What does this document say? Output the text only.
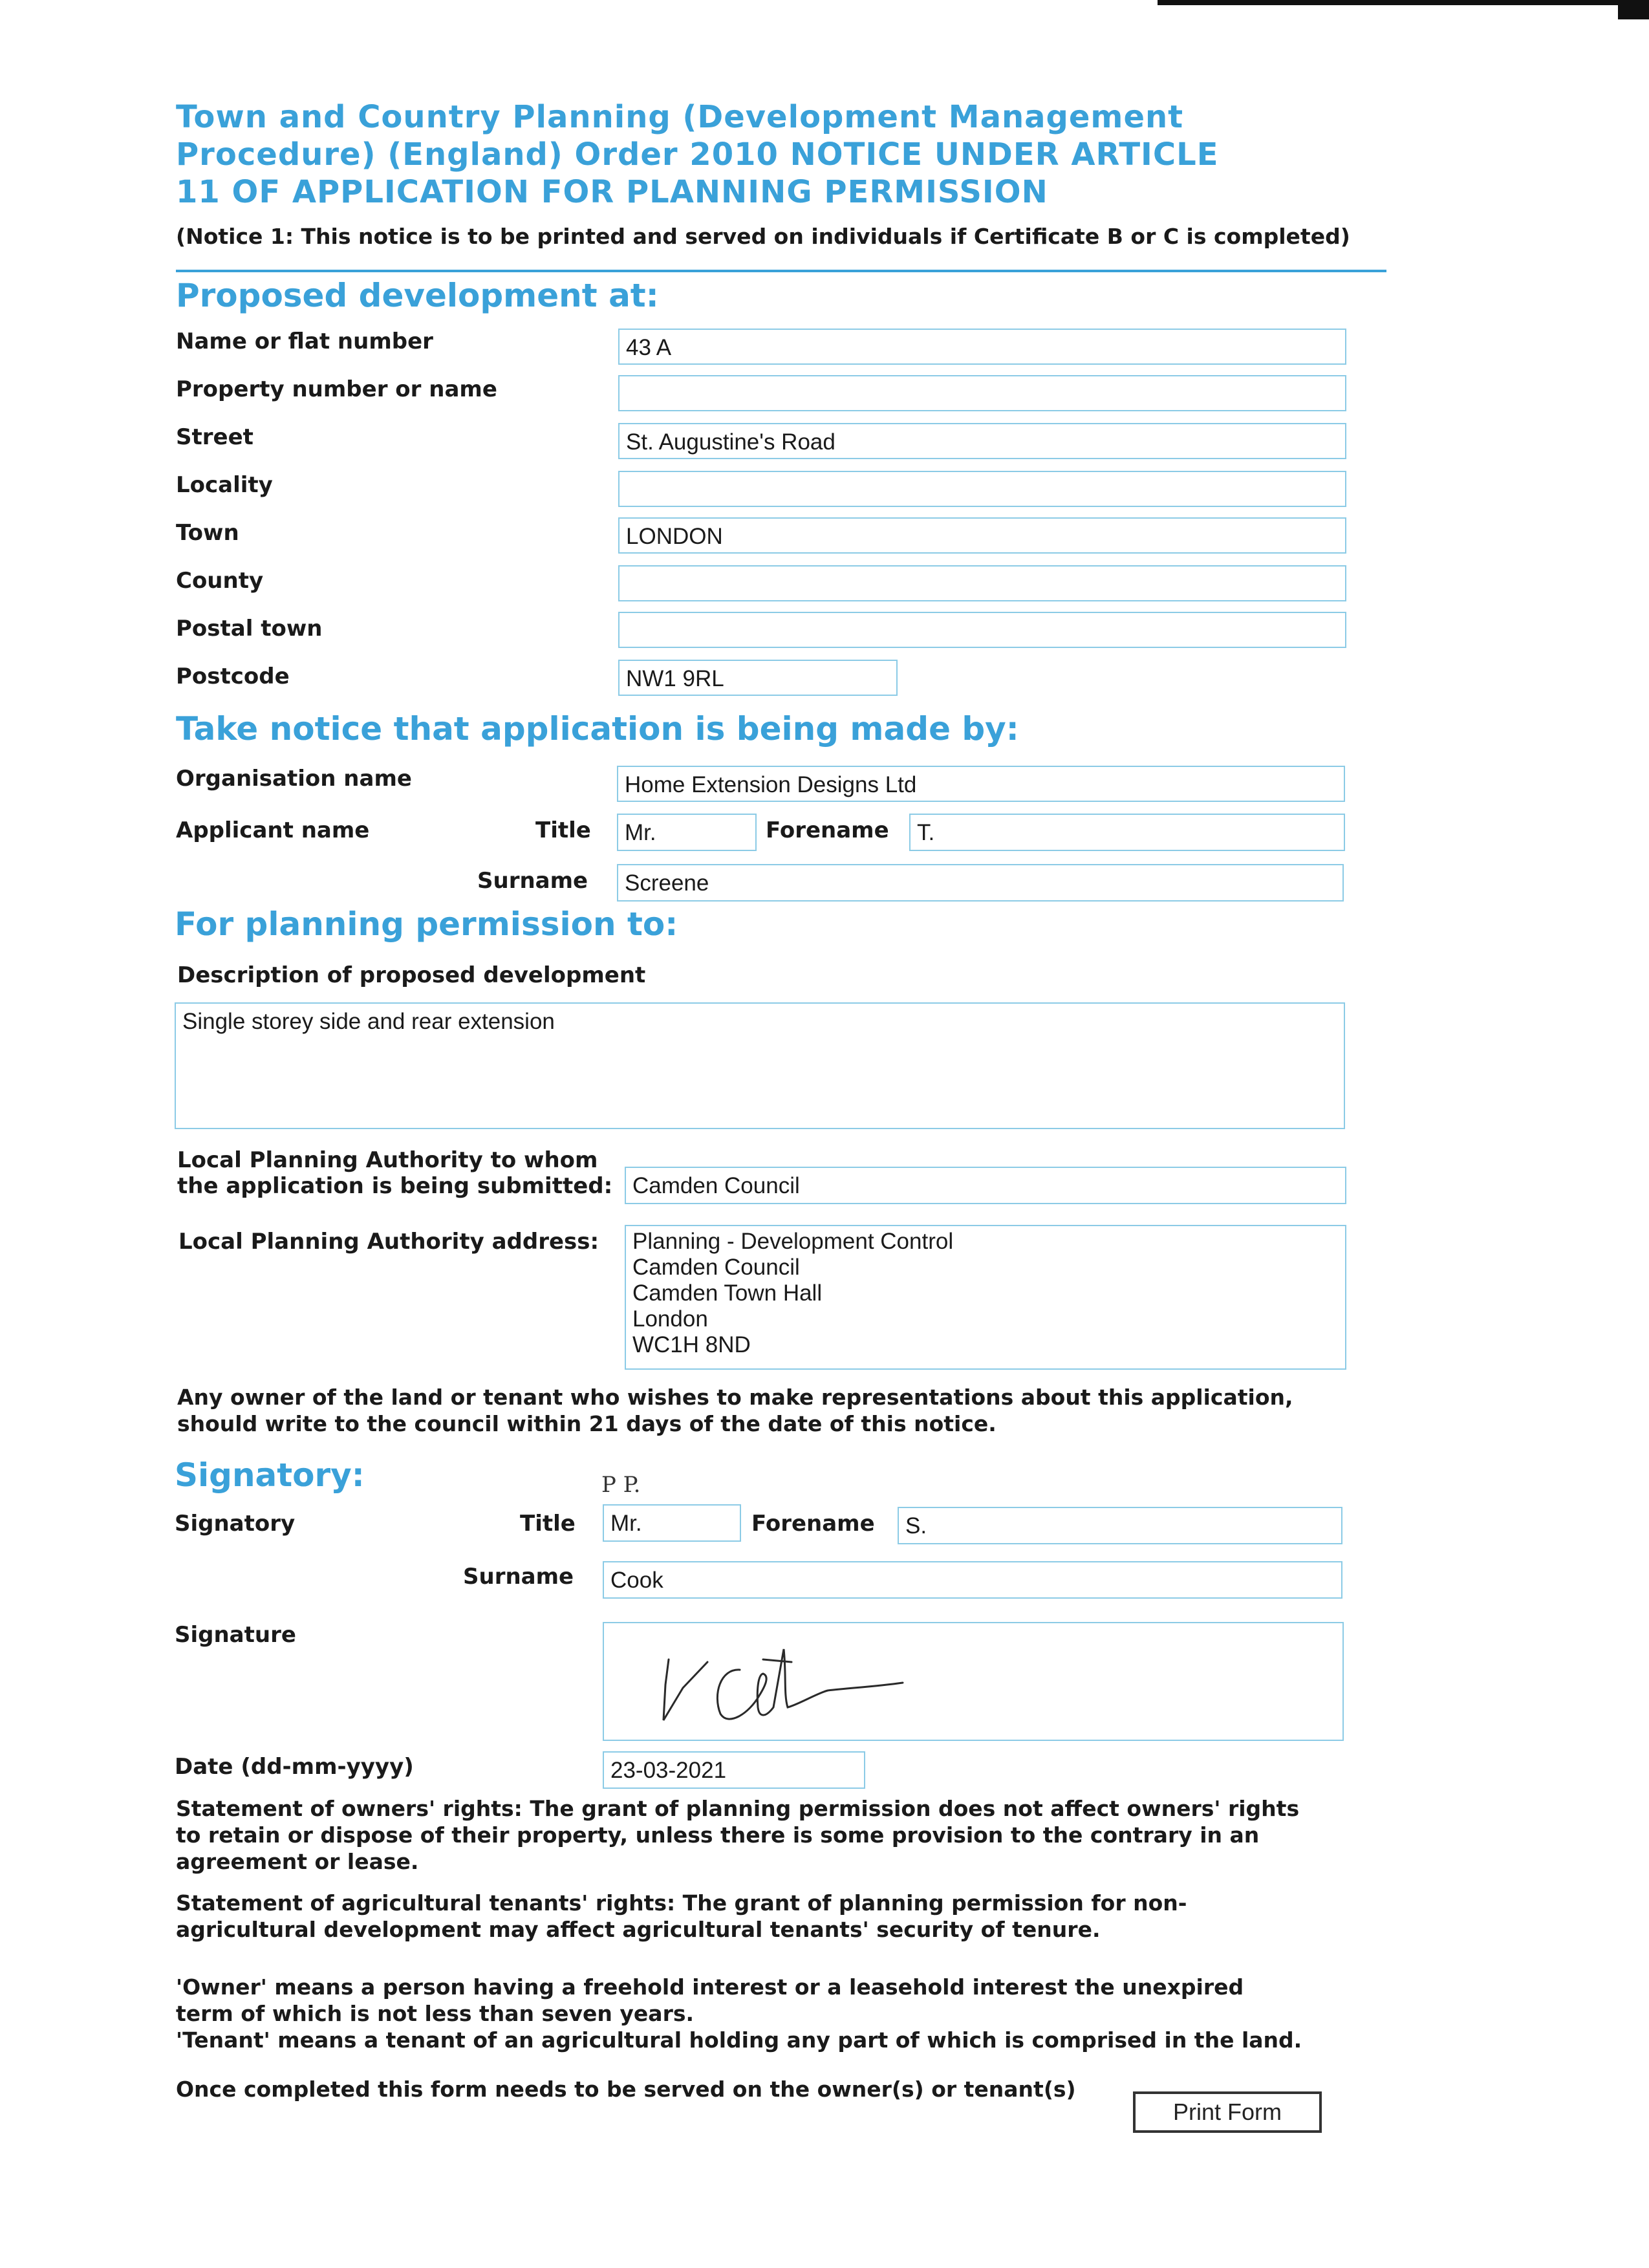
Town and Country Planning (Development Management
Procedure) (England) Order 2010 NOTICE UNDER ARTICLE
11 OF APPLICATION FOR PLANNING PERMISSION
(Notice 1: This notice is to be printed and served on individuals if Certificate B or C is completed)
Proposed development at:
Name or flat number	43 A
Property number or name
Street	St. Augustine's Road
Locality
Town	LONDON
County
Postal town
Postcode	NW1 9RL
Take notice that application is being made by:
Organisation name	Home Extension Designs Ltd
Applicant name	Title	Mr.	Forename	T.
Surname	Screene
For planning permission to:
Description of proposed development
Single storey side and rear extension
Local Planning Authority to whom
the application is being submitted: Camden Council
Local Planning Authority address:	Planning - Development Control
Camden Council
Camden Town Hall
London
WC1H 8ND
Any owner of the land or tenant who wishes to make representations about this application,
should write to the council within 21 days of the date of this notice.
Signatory:	P P.
Signatory	Title	Mr.	Forename	S.
Surname	Cook
Signature
Date (dd-mm-yyyy)	23-03-2021
Statement of owners' rights: The grant of planning permission does not affect owners' rights
to retain or dispose of their property, unless there is some provision to the contrary in an
agreement or lease.
Statement of agricultural tenants' rights: The grant of planning permission for non-
agricultural development may affect agricultural tenants' security of tenure.
'Owner' means a person having a freehold interest or a leasehold interest the unexpired
term of which is not less than seven years.
'Tenant' means a tenant of an agricultural holding any part of which is comprised in the land.
Once completed this form needs to be served on the owner(s) or tenant(s)
Print Form
